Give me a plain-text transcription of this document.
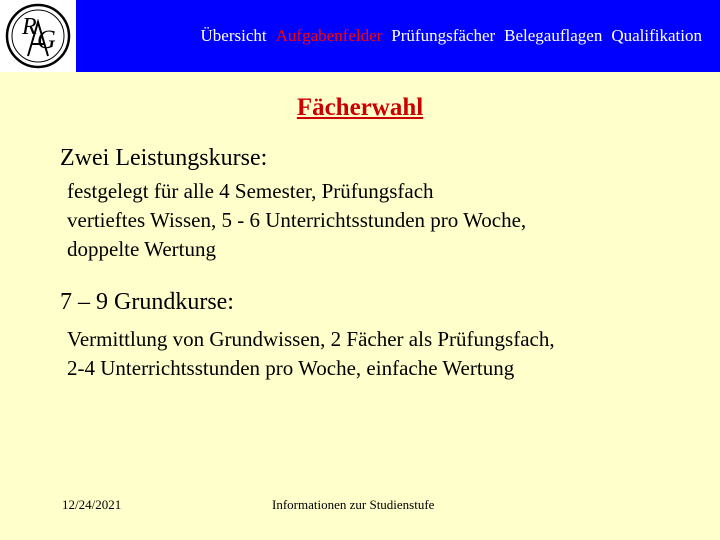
R G	Übersicht Aufgabenfelder Prüfungsfächer Belegauflagen Qualifikation
Fächerwahl
Zwei Leistungskurse:
festgelegt für alle 4 Semester, Prüfungsfach
vertieftes Wissen, 5 - 6 Unterrichtsstunden pro Woche,
doppelte Wertung
7 – 9 Grundkurse:
Vermittlung von Grundwissen, 2 Fächer als Prüfungsfach,
2-4 Unterrichtsstunden pro Woche, einfache Wertung
12/24/2021	Informationen zur Studienstufe
